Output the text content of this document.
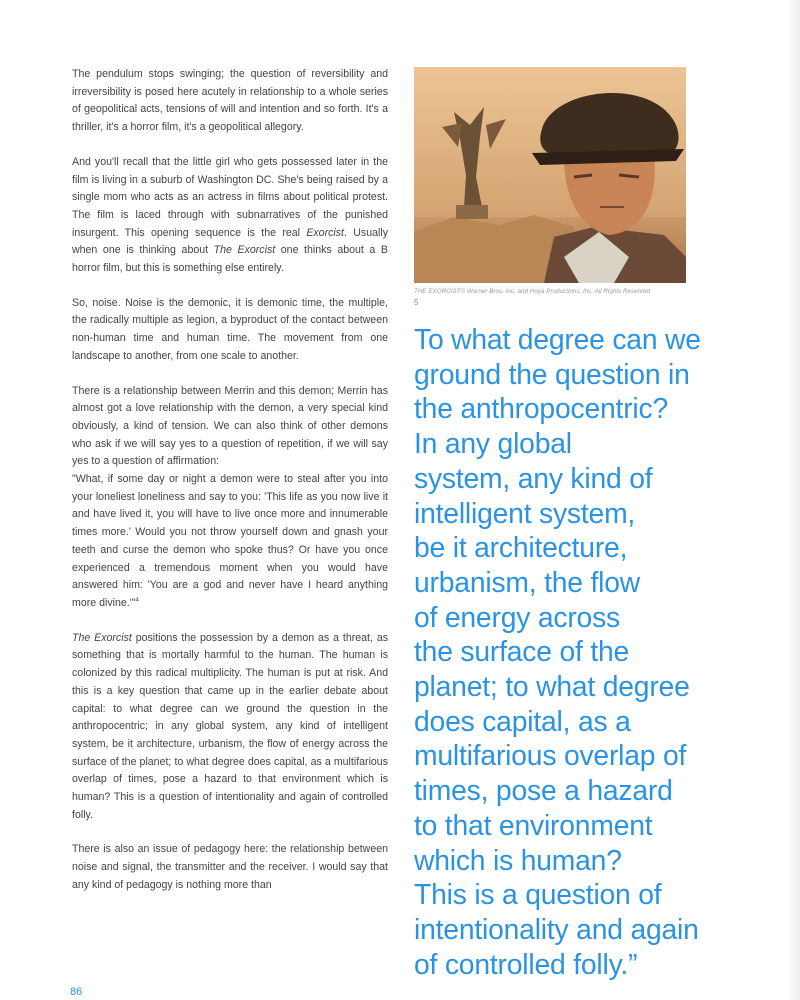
The pendulum stops swinging; the question of reversibility and irreversibility is posed here acutely in relationship to a whole series of geopolitical acts, tensions of will and intention and so forth. It's a thriller, it's a horror film, it's a geopolitical allegory.

And you'll recall that the little girl who gets possessed later in the film is living in a suburb of Washington DC. She's being raised by a single mom who acts as an actress in films about political protest. The film is laced through with subnarratives of the punished insurgent. This opening sequence is the real Exorcist. Usually when one is thinking about The Exorcist one thinks about a B horror film, but this is something else entirely.

So, noise. Noise is the demonic, it is demonic time, the multiple, the radically multiple as legion, a byproduct of the contact between non-human time and human time. The movement from one landscape to another, from one scale to another.

There is a relationship between Merrin and this demon; Merrin has almost got a love relationship with the demon, a very special kind obviously, a kind of tension. We can also think of other demons who ask if we will say yes to a question of repetition, if we will say yes to a question of affirmation:

"What, if some day or night a demon were to steal after you into your loneliest loneliness and say to you: 'This life as you now live it and have lived it, you will have to live once more and innumerable times more.' Would you not throw yourself down and gnash your teeth and curse the demon who spoke thus? Or have you once experienced a tremendous moment when you would have answered him: 'You are a god and never have I heard anything more divine.'"$^4$

The Exorcist positions the possession by a demon as a threat, as something that is mortally harmful to the human. The human is colonized by this radical multiplicity. The human is put at risk. And this is a key question that came up in the earlier debate about capital: to what degree can we ground the question in the anthropocentric; in any global system, any kind of intelligent system, be it architecture, urbanism, the flow of energy across the surface of the planet; to what degree does capital, as a multifarious overlap of times, pose a hazard to that environment which is human? This is a question of intentionality and again of controlled folly.

There is also an issue of pedagogy here: the relationship between noise and signal, the transmitter and the receiver. I would say that any kind of pedagogy is nothing more than

THE EXORCIST© Warner Bros. Inc. and Hoya Productions, Inc. All Rights Reserved
5
To what degree can we
ground the question in
the anthropocentric?
In any global
system, any kind of
intelligent system,
be it architecture,
urbanism, the flow
of energy across
the surface of the
planet; to what degree
does capital, as a
multifarious overlap of
times, pose a hazard
to that environment
which is human?
This is a question of
intentionality and again
of controlled folly.”
86
